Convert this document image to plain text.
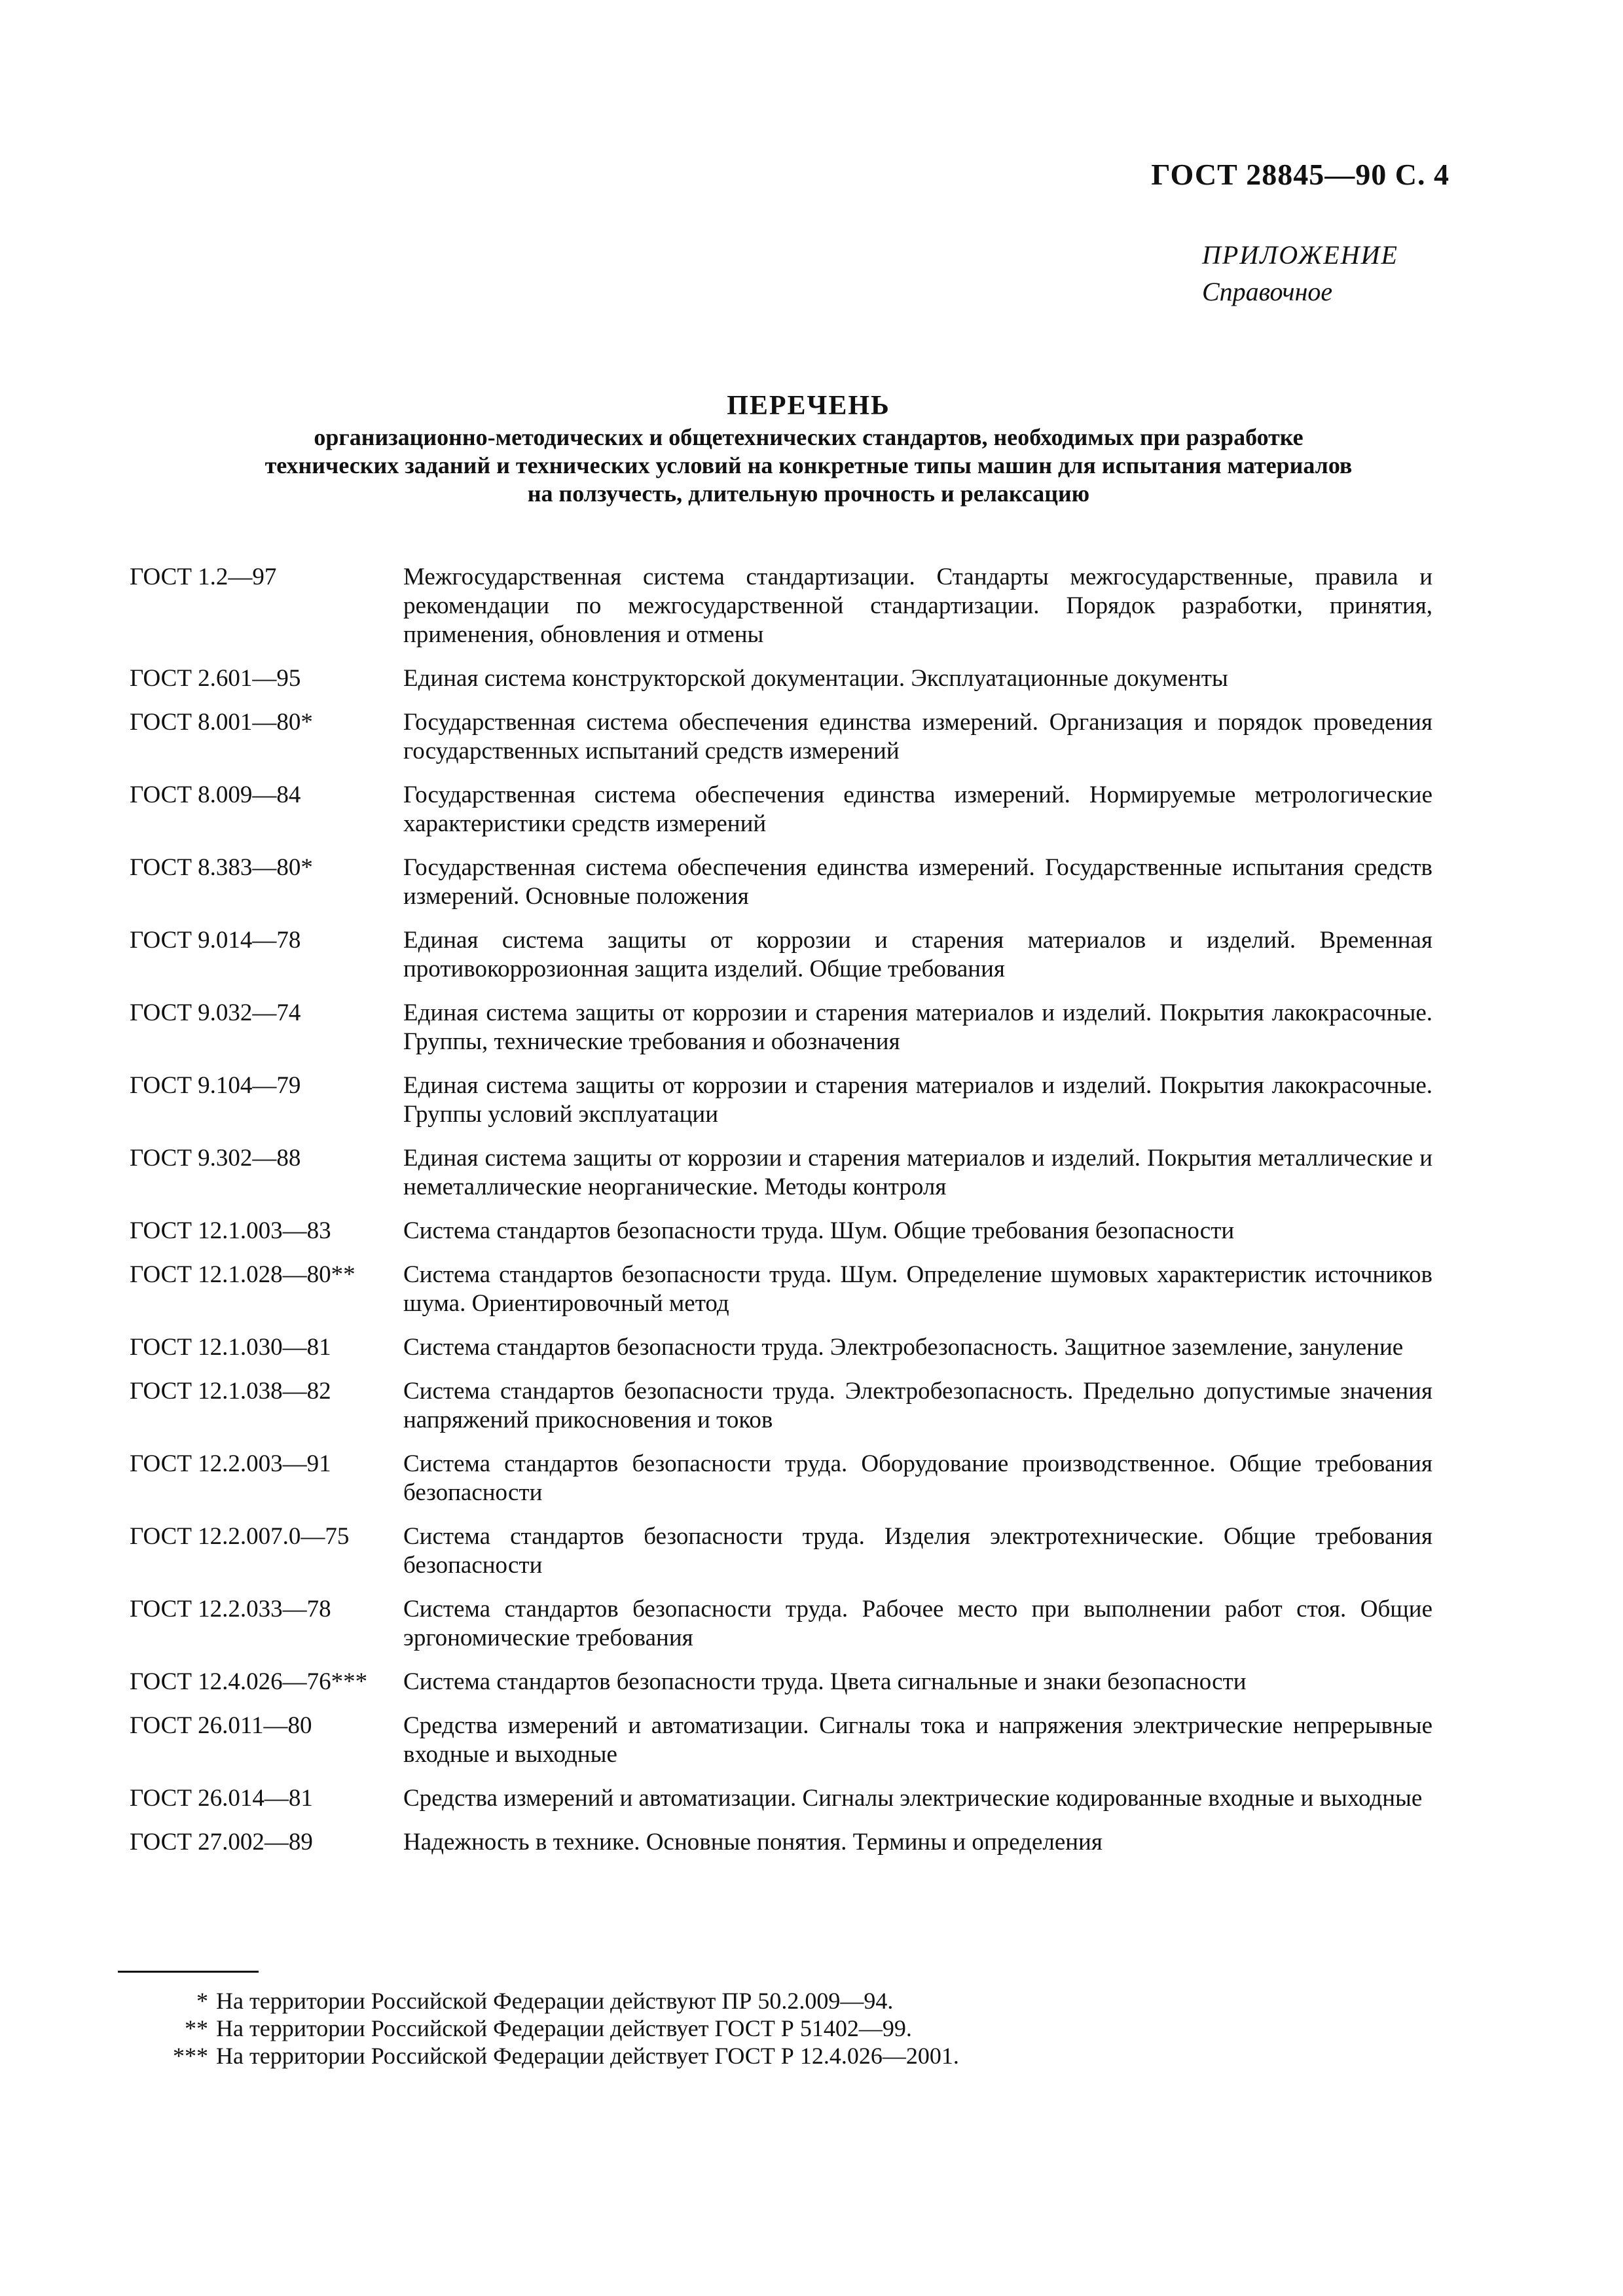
ГОСТ 28845—90 С. 4
ПРИЛОЖЕНИЕ
Справочное
ПЕРЕЧЕНЬ
организационно-методических и общетехнических стандартов, необходимых при разработке
технических заданий и технических условий на конкретные типы машин для испытания материалов
на ползучесть, длительную прочность и релаксацию
ГОСТ 1.2—97	Межгосударственная система стандартизации. Стандарты межгосударственные, правила и рекомендации по межгосударственной стандартизации. Порядок разработки, принятия, применения, обновления и отмены
ГОСТ 2.601—95	Единая система конструкторской документации. Эксплуатационные документы
ГОСТ 8.001—80*	Государственная система обеспечения единства измерений. Организация и порядок проведения государственных испытаний средств измерений
ГОСТ 8.009—84	Государственная система обеспечения единства измерений. Нормируемые метрологические характеристики средств измерений
ГОСТ 8.383—80*	Государственная система обеспечения единства измерений. Государственные испытания средств измерений. Основные положения
ГОСТ 9.014—78	Единая система защиты от коррозии и старения материалов и изделий. Временная противокоррозионная защита изделий. Общие требования
ГОСТ 9.032—74	Единая система защиты от коррозии и старения материалов и изделий. Покрытия лакокрасочные. Группы, технические требования и обозначения
ГОСТ 9.104—79	Единая система защиты от коррозии и старения материалов и изделий. Покрытия лакокрасочные. Группы условий эксплуатации
ГОСТ 9.302—88	Единая система защиты от коррозии и старения материалов и изделий. Покрытия металлические и неметаллические неорганические. Методы контроля
ГОСТ 12.1.003—83	Система стандартов безопасности труда. Шум. Общие требования безопасности
ГОСТ 12.1.028—80**	Система стандартов безопасности труда. Шум. Определение шумовых характеристик источников шума. Ориентировочный метод
ГОСТ 12.1.030—81	Система стандартов безопасности труда. Электробезопасность. Защитное заземление, зануление
ГОСТ 12.1.038—82	Система стандартов безопасности труда. Электробезопасность. Предельно допустимые значения напряжений прикосновения и токов
ГОСТ 12.2.003—91	Система стандартов безопасности труда. Оборудование производственное. Общие требования безопасности
ГОСТ 12.2.007.0—75	Система стандартов безопасности труда. Изделия электротехнические. Общие требования безопасности
ГОСТ 12.2.033—78	Система стандартов безопасности труда. Рабочее место при выполнении работ стоя. Общие эргономические требования
ГОСТ 12.4.026—76***	Система стандартов безопасности труда. Цвета сигнальные и знаки безопасности
ГОСТ 26.011—80	Средства измерений и автоматизации. Сигналы тока и напряжения электрические непрерывные входные и выходные
ГОСТ 26.014—81	Средства измерений и автоматизации. Сигналы электрические кодированные входные и выходные
ГОСТ 27.002—89	Надежность в технике. Основные понятия. Термины и определения
* На территории Российской Федерации действуют ПР 50.2.009—94.
** На территории Российской Федерации действует ГОСТ Р 51402—99.
*** На территории Российской Федерации действует ГОСТ Р 12.4.026—2001.
